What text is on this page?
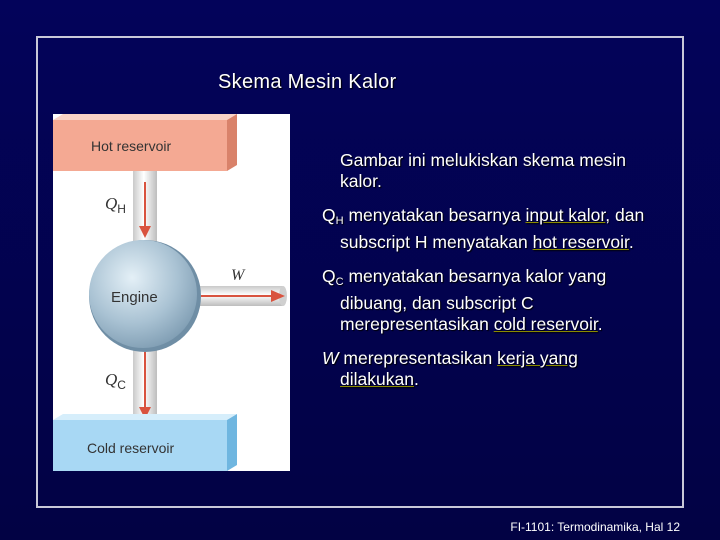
Skema Mesin Kalor
Hot reservoir
Engine
$Q_H$
$Q_C$
W
Cold reservoir

Gambar ini melukiskan skema mesin kalor.

$Q_H$ menyatakan besarnya input kalor, dan subscript H menyatakan hot reservoir.

$Q_C$ menyatakan besarnya kalor yang dibuang, dan subscript C merepresentasikan cold reservoir.

W merepresentasikan kerja yang dilakukan.

FI-1101: Termodinamika, Hal 12
